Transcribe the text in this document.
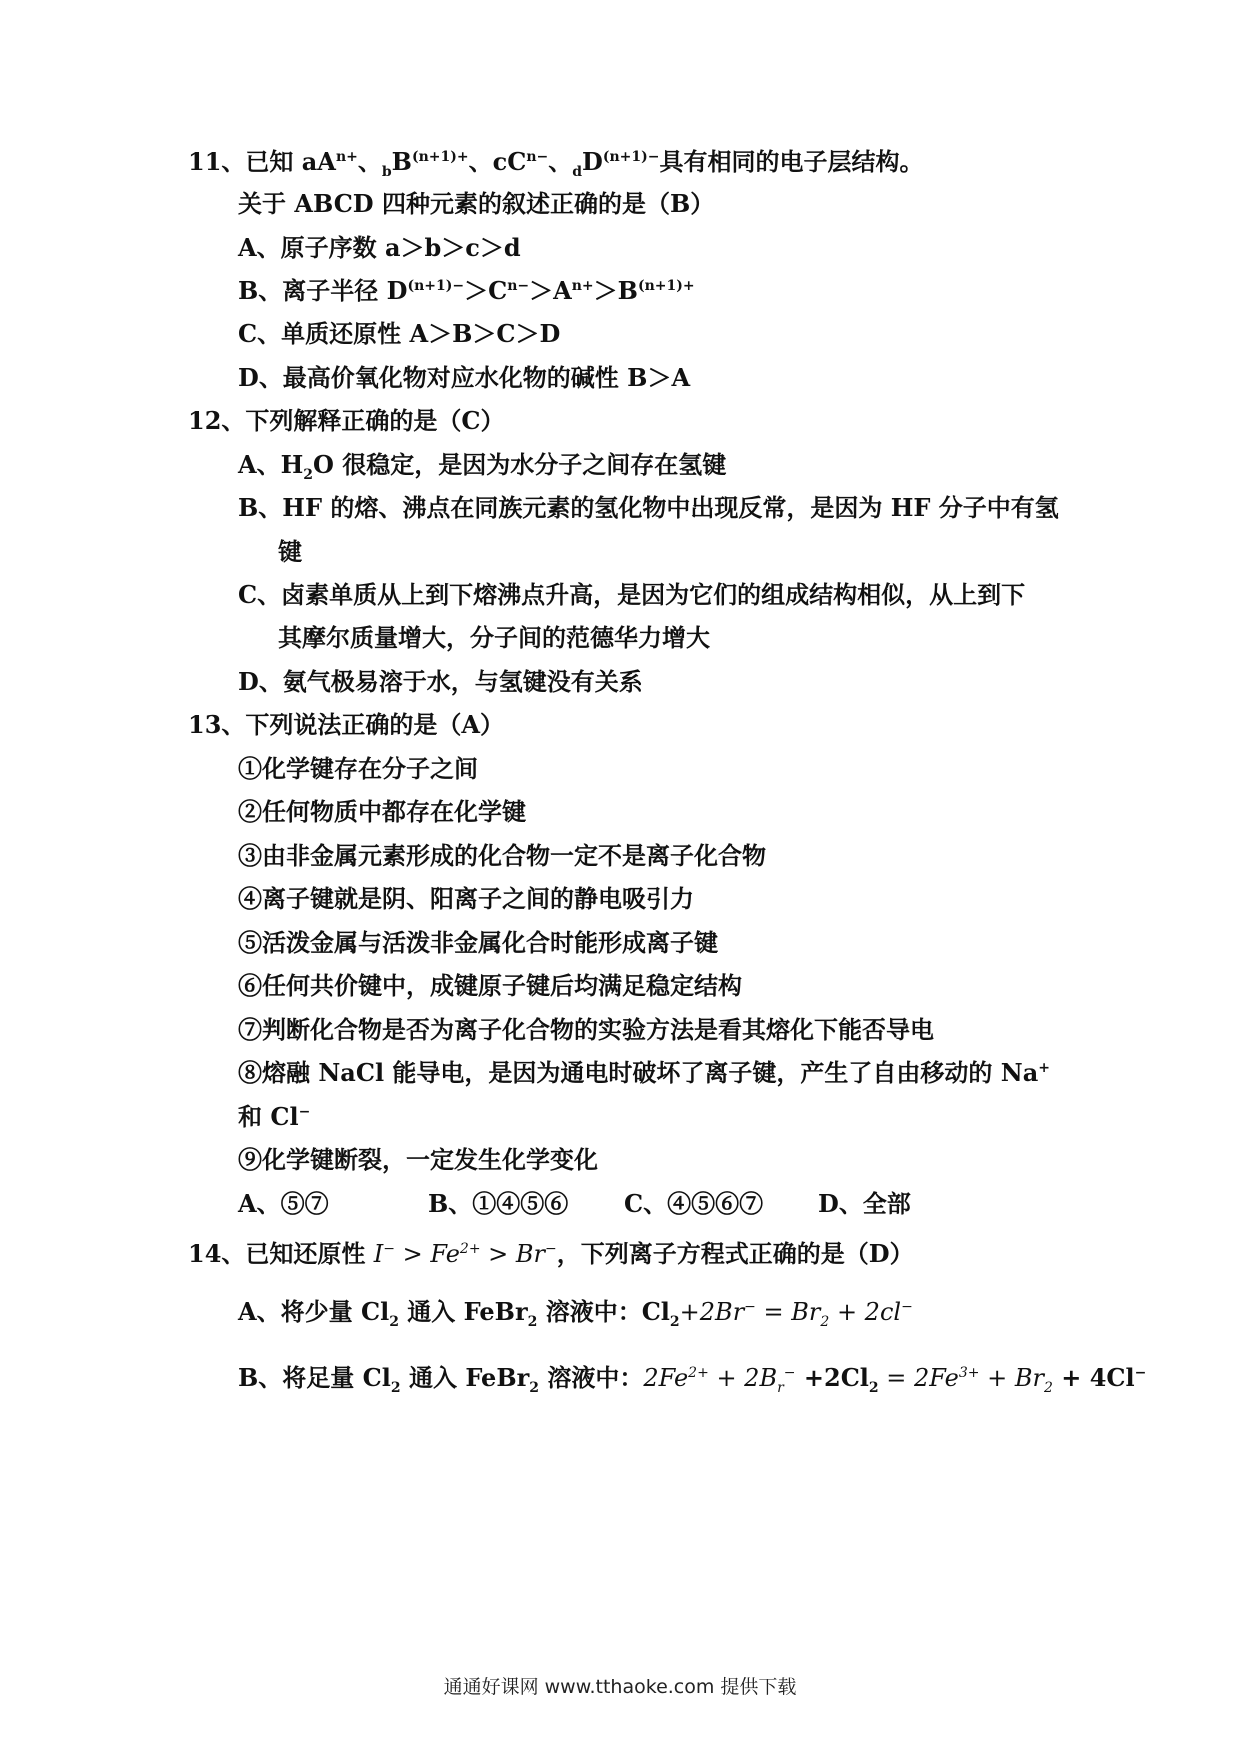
11、已知 $aA^{n+}$、$_bB^{(n+1)+}$、$cC^{n-}$、$_dD^{(n+1)-}$具有相同的电子层结构。
关于 ABCD 四种元素的叙述正确的是（B）
A、原子序数 a＞b＞c＞d
B、离子半径 $D^{(n+1)-}>C^{n-}>A^{n+}>B^{(n+1)+}$
C、单质还原性 A＞B＞C＞D
D、最高价氧化物对应水化物的碱性 B＞A
12、下列解释正确的是（C）
A、$H_2O$ 很稳定，是因为水分子之间存在氢键
B、HF 的熔、沸点在同族元素的氢化物中出现反常，是因为 HF 分子中有氢
键
C、卤素单质从上到下熔沸点升高，是因为它们的组成结构相似，从上到下
其摩尔质量增大，分子间的范德华力增大
D、氨气极易溶于水，与氢键没有关系
13、下列说法正确的是（A）
①化学键存在分子之间
②任何物质中都存在化学键
③由非金属元素形成的化合物一定不是离子化合物
④离子键就是阴、阳离子之间的静电吸引力
⑤活泼金属与活泼非金属化合时能形成离子键
⑥任何共价键中，成键原子键后均满足稳定结构
⑦判断化合物是否为离子化合物的实验方法是看其熔化下能否导电
⑧熔融 NaCl 能导电，是因为通电时破坏了离子键，产生了自由移动的 Na+
和 Cl−
⑨化学键断裂，一定发生化学变化
A、⑤⑦	B、①④⑤⑥ C、④⑤⑥⑦ D、全部
14、已知还原性 $I^- > Fe^{2+} > Br^-$，下列离子方程式正确的是（D）
A、将少量 $Cl_2$ 通入 FeBr$_2$ 溶液中：$Cl_2+2Br^- = Br_2 + 2cl^-$
B、将足量 $Cl_2$ 通入 FeBr$_2$ 溶液中：$2Fe^{2+} + 2B_r^- +2Cl_2 = 2Fe^{3+} + Br_2 + 4Cl^-$
通通好课网 www.tthaoke.com 提供下载
